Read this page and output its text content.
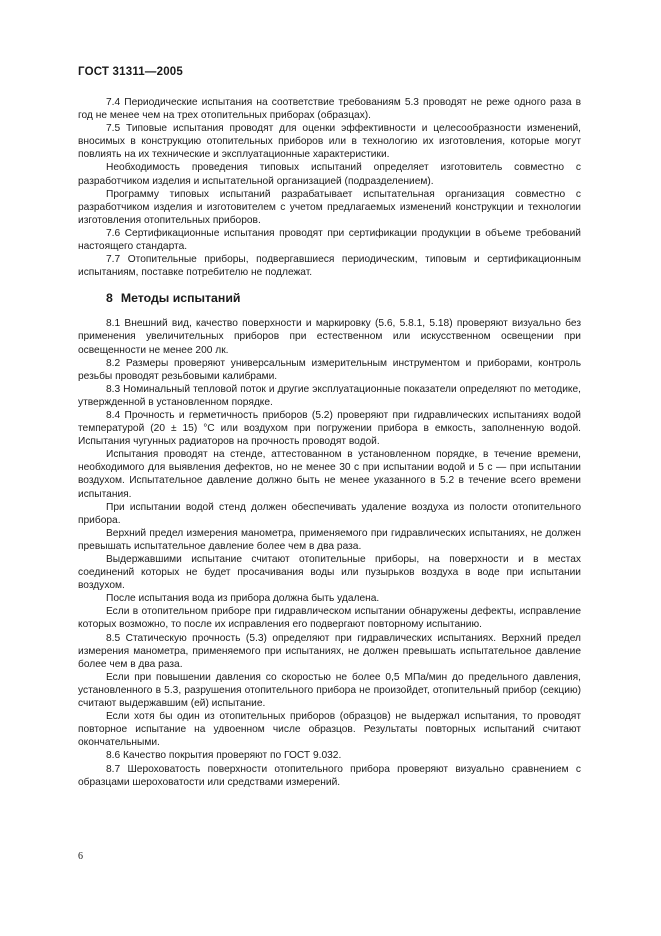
ГОСТ 31311—2005

7.4 Периодические испытания на соответствие требованиям 5.3 проводят не реже одного раза в год не менее чем на трех отопительных приборах (образцах).

7.5 Типовые испытания проводят для оценки эффективности и целесообразности изменений, вносимых в конструкцию отопительных приборов или в технологию их изготовления, которые могут повлиять на их технические и эксплуатационные характеристики.

Необходимость проведения типовых испытаний определяет изготовитель совместно с разработчиком изделия и испытательной организацией (подразделением).

Программу типовых испытаний разрабатывает испытательная организация совместно с разработчиком изделия и изготовителем с учетом предлагаемых изменений конструкции и технологии изготовления отопительных приборов.

7.6 Сертификационные испытания проводят при сертификации продукции в объеме требований настоящего стандарта.

7.7 Отопительные приборы, подвергавшиеся периодическим, типовым и сертификационным испытаниям, поставке потребителю не подлежат.

8 Методы испытаний

8.1 Внешний вид, качество поверхности и маркировку (5.6, 5.8.1, 5.18) проверяют визуально без применения увеличительных приборов при естественном или искусственном освещении при освещенности не менее 200 лк.

8.2 Размеры проверяют универсальным измерительным инструментом и приборами, контроль резьбы проводят резьбовыми калибрами.

8.3 Номинальный тепловой поток и другие эксплуатационные показатели определяют по методике, утвержденной в установленном порядке.

8.4 Прочность и герметичность приборов (5.2) проверяют при гидравлических испытаниях водой температурой (20 ± 15) °C или воздухом при погружении прибора в емкость, заполненную водой. Испытания чугунных радиаторов на прочность проводят водой.

Испытания проводят на стенде, аттестованном в установленном порядке, в течение времени, необходимого для выявления дефектов, но не менее 30 с при испытании водой и 5 с — при испытании воздухом. Испытательное давление должно быть не менее указанного в 5.2 в течение всего времени испытания.

При испытании водой стенд должен обеспечивать удаление воздуха из полости отопительного прибора.

Верхний предел измерения манометра, применяемого при гидравлических испытаниях, не должен превышать испытательное давление более чем в два раза.

Выдержавшими испытание считают отопительные приборы, на поверхности и в местах соединений которых не будет просачивания воды или пузырьков воздуха в воде при испытании воздухом.

После испытания вода из прибора должна быть удалена.

Если в отопительном приборе при гидравлическом испытании обнаружены дефекты, исправление которых возможно, то после их исправления его подвергают повторному испытанию.

8.5 Статическую прочность (5.3) определяют при гидравлических испытаниях. Верхний предел измерения манометра, применяемого при испытаниях, не должен превышать испытательное давление более чем в два раза.

Если при повышении давления со скоростью не более 0,5 МПа/мин до предельного давления, установленного в 5.3, разрушения отопительного прибора не произойдет, отопительный прибор (секцию) считают выдержавшим (ей) испытание.

Если хотя бы один из отопительных приборов (образцов) не выдержал испытания, то проводят повторное испытание на удвоенном числе образцов. Результаты повторных испытаний считают окончательными.

8.6 Качество покрытия проверяют по ГОСТ 9.032.

8.7 Шероховатость поверхности отопительного прибора проверяют визуально сравнением с образцами шероховатости или средствами измерений.

6
